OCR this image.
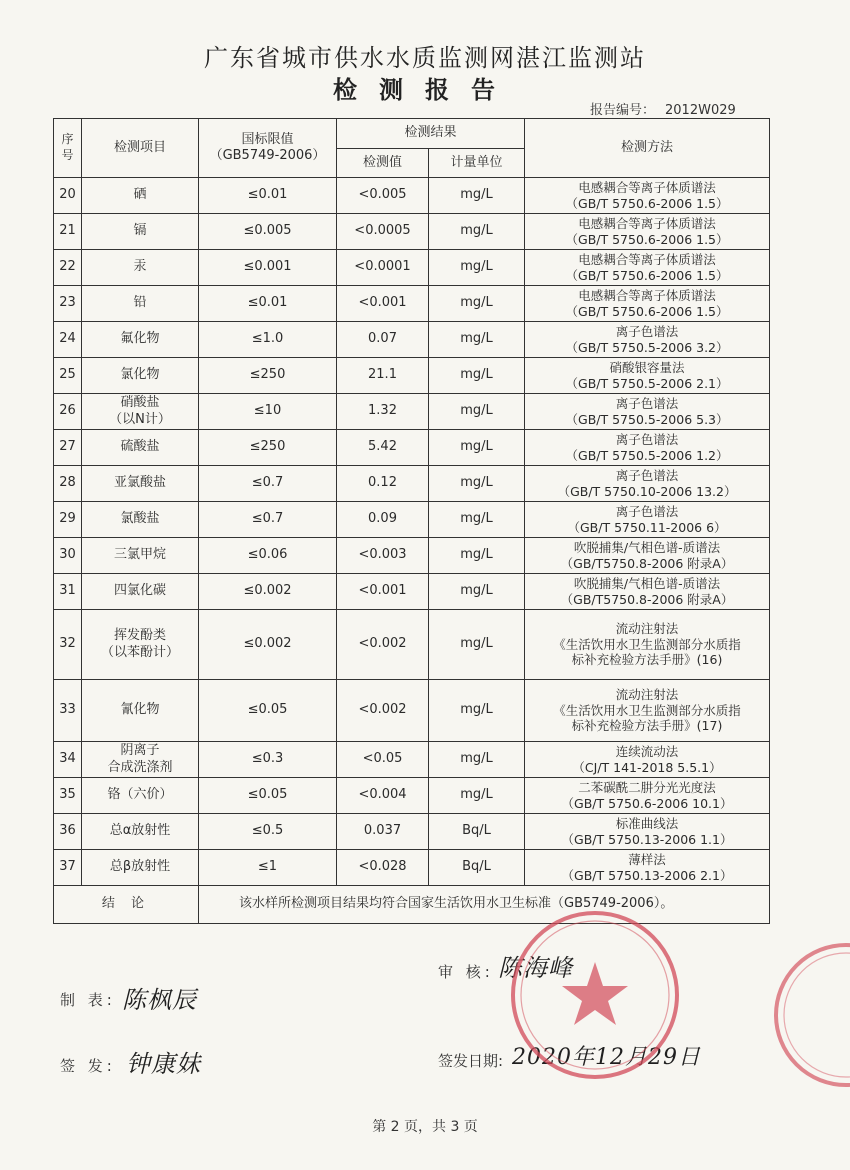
广东省城市供水水质监测网湛江监测站
检测报告
报告编号： 2012W029
序号	检测项目	国标限值
（GB5749-2006）	检测结果		检测方法
			检测值	计量单位	
20	硒	≤0.01	<0.005	mg/L	电感耦合等离子体质谱法
（GB/T 5750.6-2006 1.5）
21	镉	≤0.005	<0.0005	mg/L	电感耦合等离子体质谱法
（GB/T 5750.6-2006 1.5）
22	汞	≤0.001	<0.0001	mg/L	电感耦合等离子体质谱法
（GB/T 5750.6-2006 1.5）
23	铅	≤0.01	<0.001	mg/L	电感耦合等离子体质谱法
（GB/T 5750.6-2006 1.5）
24	氟化物	≤1.0	0.07	mg/L	离子色谱法
（GB/T 5750.5-2006 3.2）
25	氯化物	≤250	21.1	mg/L	硝酸银容量法
（GB/T 5750.5-2006 2.1）
26	硝酸盐
（以N计）	≤10	1.32	mg/L	离子色谱法
（GB/T 5750.5-2006 5.3）
27	硫酸盐	≤250	5.42	mg/L	离子色谱法
（GB/T 5750.5-2006 1.2）
28	亚氯酸盐	≤0.7	0.12	mg/L	离子色谱法
（GB/T 5750.10-2006 13.2）
29	氯酸盐	≤0.7	0.09	mg/L	离子色谱法
（GB/T 5750.11-2006 6）
30	三氯甲烷	≤0.06	<0.003	mg/L	吹脱捕集/气相色谱-质谱法
（GB/T5750.8-2006 附录A）
31	四氯化碳	≤0.002	<0.001	mg/L	吹脱捕集/气相色谱-质谱法
（GB/T5750.8-2006 附录A）
32	挥发酚类
（以苯酚计）	≤0.002	<0.002	mg/L	流动注射法
《生活饮用水卫生监测部分水质指
标补充检验方法手册》(16)
33	氰化物	≤0.05	<0.002	mg/L	流动注射法
《生活饮用水卫生监测部分水质指
标补充检验方法手册》(17)
34	阴离子
合成洗涤剂	≤0.3	<0.05	mg/L	连续流动法
（CJ/T 141-2018 5.5.1）
35	铬（六价）	≤0.05	<0.004	mg/L	二苯碳酰二肼分光光度法
（GB/T 5750.6-2006 10.1）
36	总α放射性	≤0.5	0.037	Bq/L	标准曲线法
（GB/T 5750.13-2006 1.1）
37	总β放射性	≤1	<0.028	Bq/L	薄样法
（GB/T 5750.13-2006 2.1）
结 论		该水样所检测项目结果均符合国家生活饮用水卫生标准（GB5749-2006）。			
制 表: 陈枫辰
审 核: 陈海峰
签 发: 钟康妹	签发日期: 2020年12月29日
第 2 页，共 3 页
